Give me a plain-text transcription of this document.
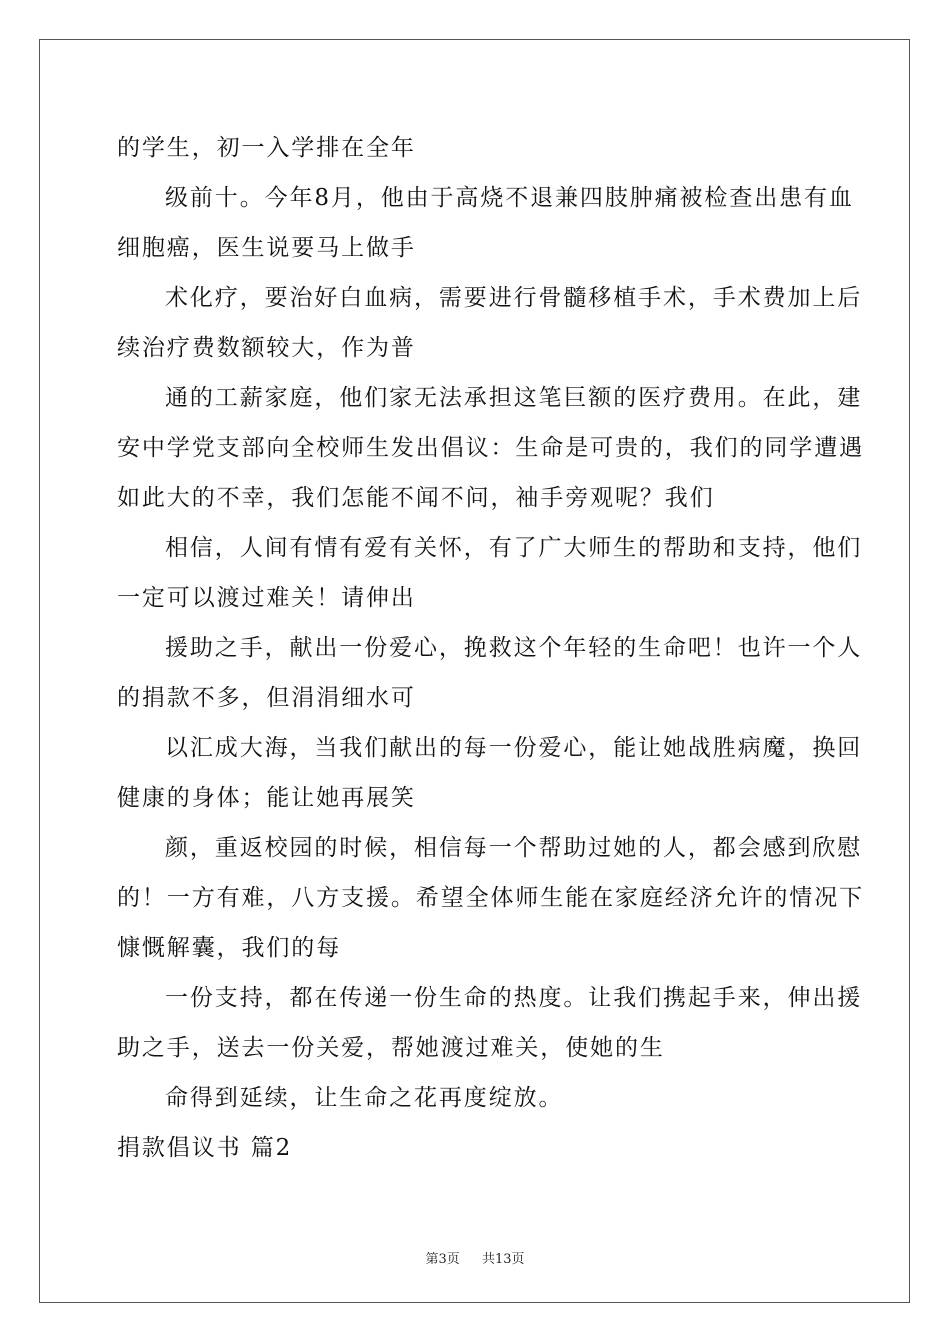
的学生，初一入学排在全年
级前十。今年8月，他由于高烧不退兼四肢肿痛被检查出患有血
细胞癌，医生说要马上做手
术化疗，要治好白血病，需要进行骨髓移植手术，手术费加上后
续治疗费数额较大，作为普
通的工薪家庭，他们家无法承担这笔巨额的医疗费用。在此，建
安中学党支部向全校师生发出倡议：生命是可贵的，我们的同学遭遇
如此大的不幸，我们怎能不闻不问，袖手旁观呢？我们
相信，人间有情有爱有关怀，有了广大师生的帮助和支持，他们
一定可以渡过难关！请伸出
援助之手，献出一份爱心，挽救这个年轻的生命吧！也许一个人
的捐款不多，但涓涓细水可
以汇成大海，当我们献出的每一份爱心，能让她战胜病魔，换回
健康的身体；能让她再展笑
颜，重返校园的时候，相信每一个帮助过她的人，都会感到欣慰
的！一方有难，八方支援。希望全体师生能在家庭经济允许的情况下
慷慨解囊，我们的每
一份支持，都在传递一份生命的热度。让我们携起手来，伸出援
助之手，送去一份关爱，帮她渡过难关，使她的生
命得到延续，让生命之花再度绽放。
捐款倡议书 篇2
第3页 共13页
